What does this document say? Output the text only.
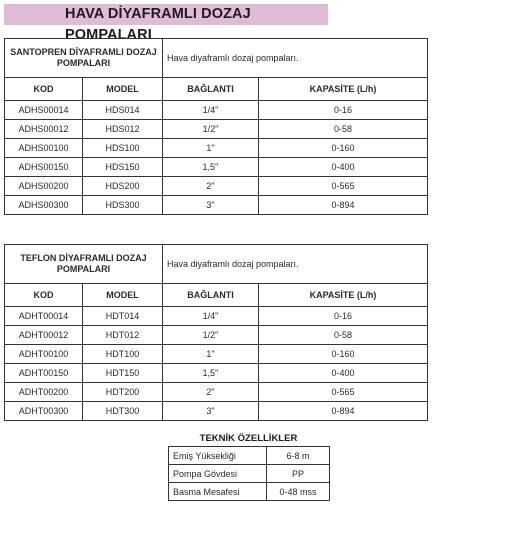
HAVA DİYAFRAMLI DOZAJ POMPALARI
SANTOPREN DİYAFRAMLI DOZAJ POMPALARI		Hava diyaframlı dozaj pompaları.	
KOD	MODEL	BAĞLANTI	KAPASİTE (L/h)
ADHS00014	HDS014	1/4"	0-16
ADHS00012	HDS012	1/2"	0-58
ADHS00100	HDS100	1"	0-160
ADHS00150	HDS150	1,5''	0-400
ADHS00200	HDS200	2"	0-565
ADHS00300	HDS300	3"	0-894
TEFLON DİYAFRAMLI DOZAJ POMPALARI		Hava diyaframlı dozaj pompaları.	
KOD	MODEL	BAĞLANTI	KAPASİTE (L/h)
ADHT00014	HDT014	1/4"	0-16
ADHT00012	HDT012	1/2"	0-58
ADHT00100	HDT100	1"	0-160
ADHT00150	HDT150	1,5''	0-400
ADHT00200	HDT200	2"	0-565
ADHT00300	HDT300	3"	0-894
TEKNİK ÖZELLİKLER
Emiş Yüksekliği	6-8 m
Pompa Gövdesi	PP
Basma Mesafesi	0-48 mss
